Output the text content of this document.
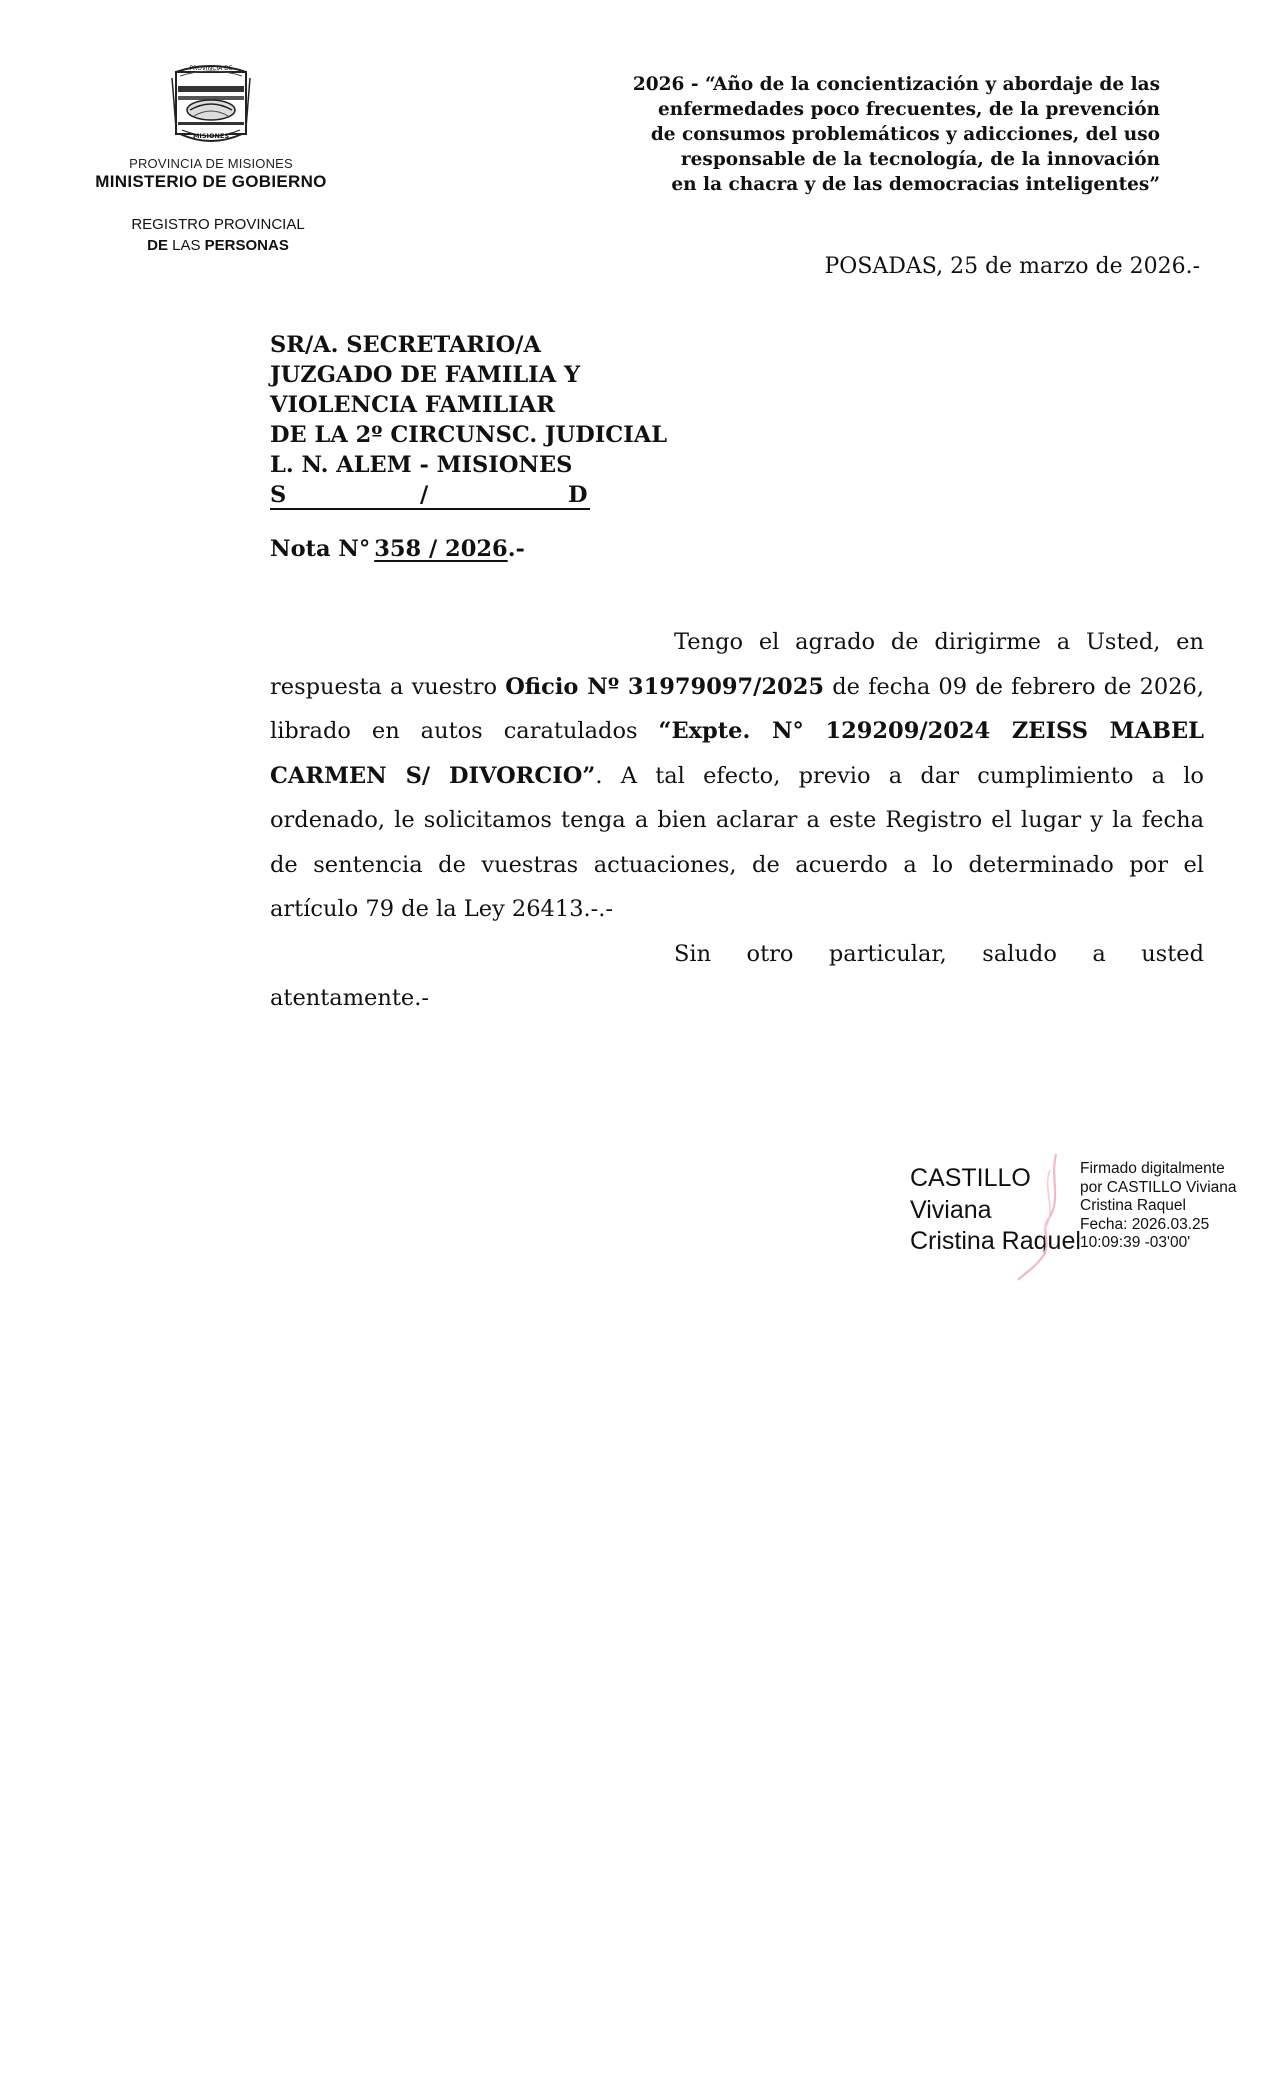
PROVINCIA DE
MISIONES
PROVINCIA DE MISIONES
MINISTERIO DE GOBIERNO
REGISTRO PROVINCIAL
DE LAS PERSONAS
2026 - “Año de la concientización y abordaje de las
enfermedades poco frecuentes, de la prevención
de consumos problemáticos y adicciones, del uso
responsable de la tecnología, de la innovación
en la chacra y de las democracias inteligentes”
POSADAS, 25 de marzo de 2026.-
SR/A. SECRETARIO/A
JUZGADO DE FAMILIA Y
VIOLENCIA FAMILIAR
DE LA 2º CIRCUNSC. JUDICIAL
L. N. ALEM - MISIONES
S	/	D
Nota N° 358 / 2026.-

Tengo el agrado de dirigirme a Usted, en respuesta a vuestro Oficio Nº 31979097/2025 de fecha 09 de febrero de 2026, librado en autos caratulados “Expte. N° 129209/2024 ZEISS MABEL CARMEN S/ DIVORCIO”. A tal efecto, previo a dar cumplimiento a lo ordenado, le solicitamos tenga a bien aclarar a este Registro el lugar y la fecha de sentencia de vuestras actuaciones, de acuerdo a lo determinado por el artículo 79 de la Ley 26413.-.-

Sin otro particular, saludo a usted atentamente.-

CASTILLO
Viviana
Cristina Raquel
Firmado digitalmente
por CASTILLO Viviana
Cristina Raquel
Fecha: 2026.03.25
10:09:39 -03'00'
